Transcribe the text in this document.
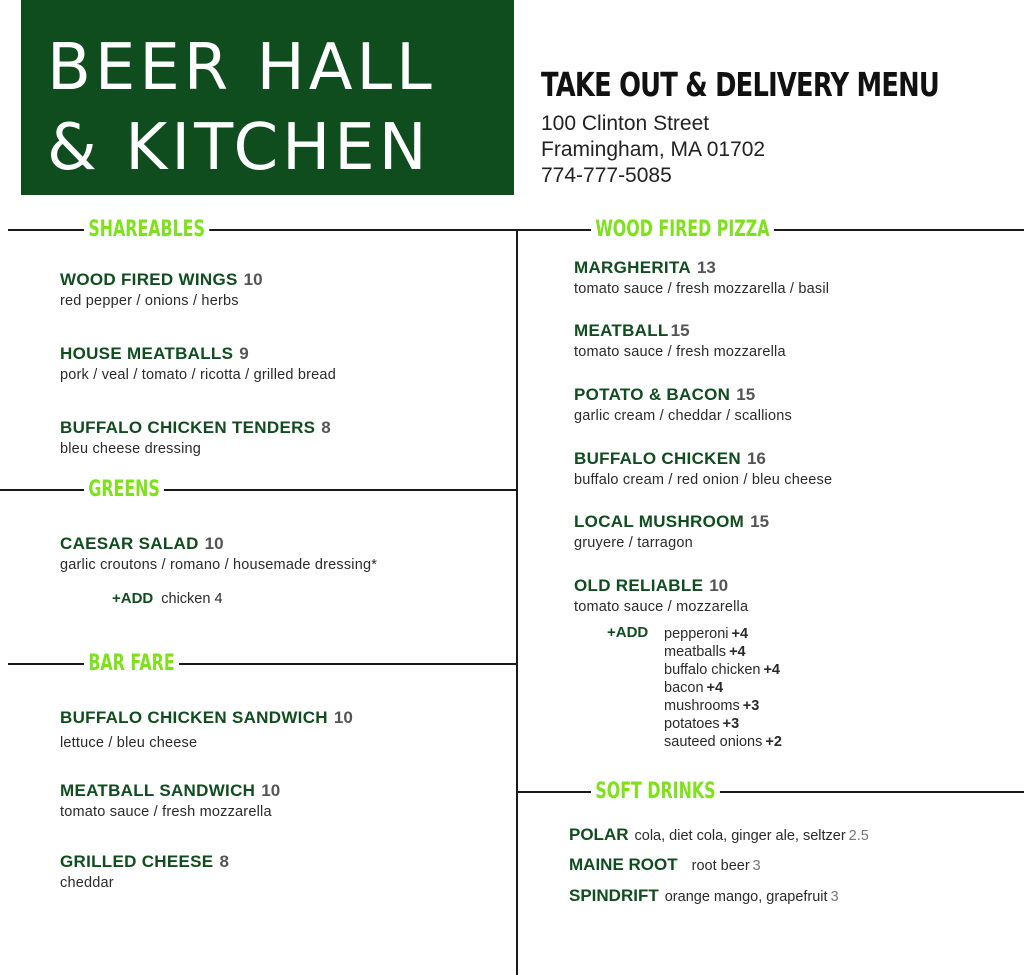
BEER HALL
& KITCHEN
TAKE OUT & DELIVERY MENU
100 Clinton Street
Framingham, MA 01702
774-777-5085
SHAREABLES	WOOD FIRED PIZZA
GREENS
BAR FARE
SOFT DRINKS
WOOD FIRED WINGS 10
red pepper / onions / herbs
HOUSE MEATBALLS 9
pork / veal / tomato / ricotta / grilled bread
BUFFALO CHICKEN TENDERS 8
bleu cheese dressing
CAESAR SALAD 10
garlic croutons / romano / housemade dressing*
+ADD chicken 4
BUFFALO CHICKEN SANDWICH 10
lettuce / bleu cheese
MEATBALL SANDWICH 10
tomato sauce / fresh mozzarella
GRILLED CHEESE 8
cheddar
MARGHERITA 13
tomato sauce / fresh mozzarella / basil
MEATBALL 15
tomato sauce / fresh mozzarella
POTATO & BACON 15
garlic cream / cheddar / scallions
BUFFALO CHICKEN 16
buffalo cream / red onion / bleu cheese
LOCAL MUSHROOM 15
gruyere / tarragon
OLD RELIABLE 10
tomato sauce / mozzarella
+ADD pepperoni +4
meatballs +4
buffalo chicken +4
bacon +4
mushrooms +3
potatoes +3
sauteed onions +2
POLAR cola, diet cola, ginger ale, seltzer 2.5
MAINE ROOT root beer 3
SPINDRIFT orange mango, grapefruit 3
